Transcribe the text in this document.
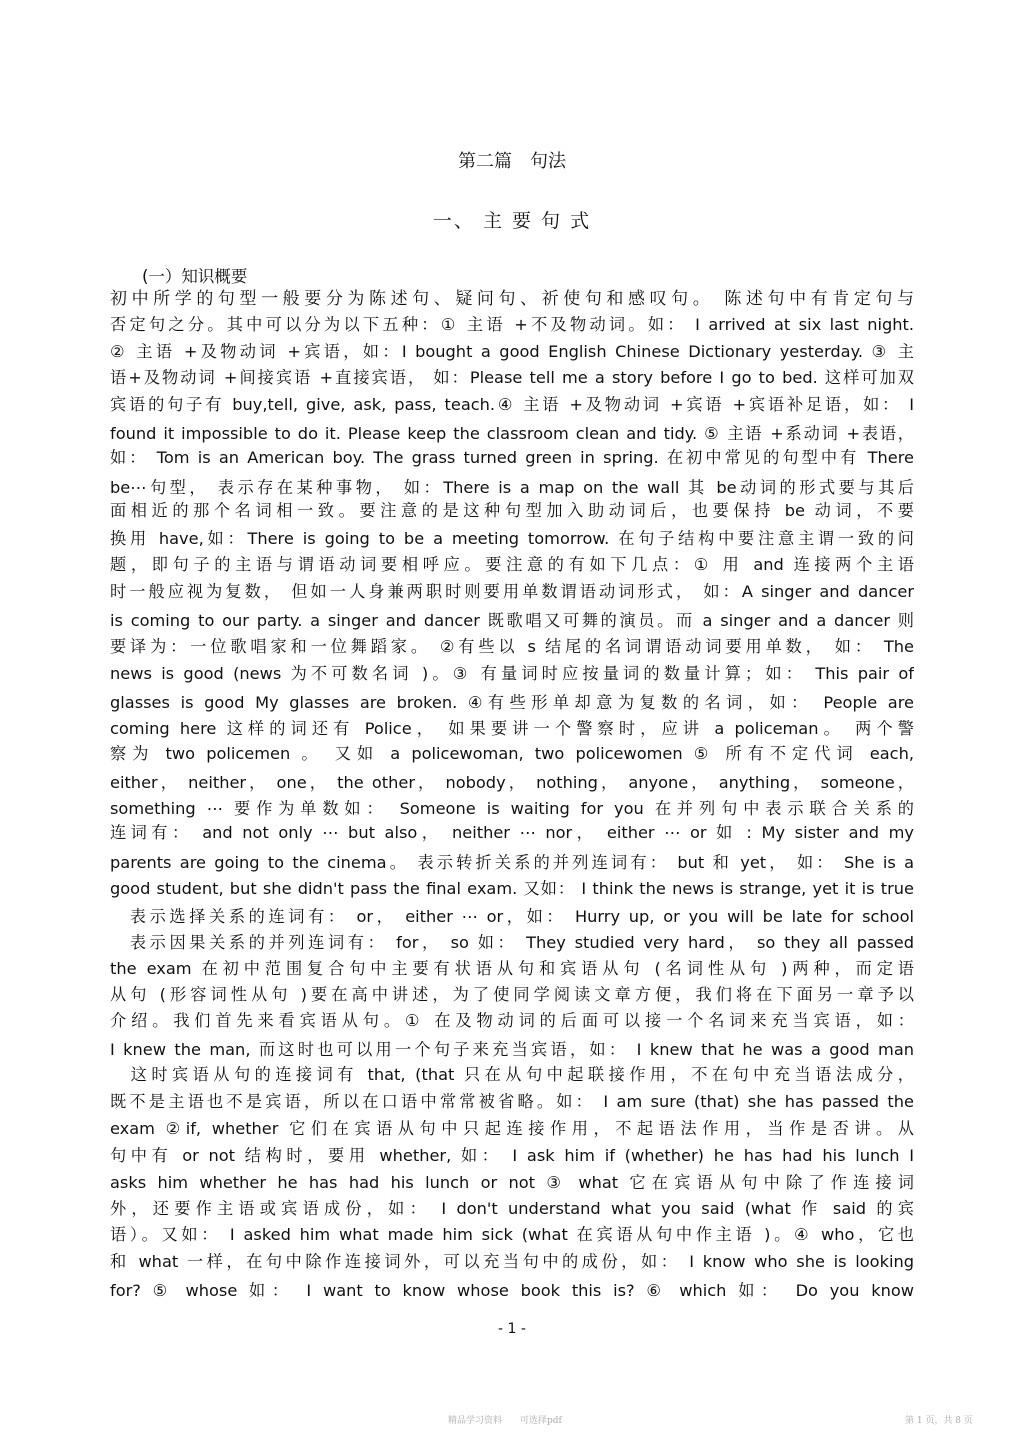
第二篇　句法
一、 主 要 句 式
(一）知识概要
初中所学的句型一般要分为陈述句、疑问句、祈使句和感叹句。 陈述句中有肯定句与
否定句之分。其中可以分为以下五种：① 主语 +不及物动词。如： I arrived at six last night.
② 主语 +及物动词 +宾语，如：I bought a good English Chinese Dictionary yesterday. ③ 主
语+及物动词 +间接宾语 +直接宾语， 如：Please tell me a story before I go to bed. 这样可加双
宾语的句子有 buy,tell, give, ask, pass, teach.④ 主语 +及物动词 +宾语 +宾语补足语，如： I
found it impossible to do it. Please keep the classroom clean and tidy. ⑤ 主语 +系动词 +表语，
如： Tom is an American boy. The grass turned green in spring. 在初中常见的句型中有 There
be⋯句型， 表示存在某种事物， 如：There is a map on the wall 其 be动词的形式要与其后
面相近的那个名词相一致。要注意的是这种句型加入助动词后，也要保持 be 动词，不要
换用 have,如：There is going to be a meeting tomorrow. 在句子结构中要注意主谓一致的问
题，即句子的主语与谓语动词要相呼应。要注意的有如下几点：① 用 and 连接两个主语
时一般应视为复数， 但如一人身兼两职时则要用单数谓语动词形式， 如：A singer and dancer
is coming to our party. a singer and dancer 既歌唱又可舞的演员。而 a singer and a dancer 则
要译为：一位歌唱家和一位舞蹈家。 ②有些以 s 结尾的名词谓语动词要用单数， 如： The
news is good (news 为不可数名词 )。③ 有量词时应按量词的数量计算；如： This pair of
glasses is good My glasses are broken. ④有些形单却意为复数的名词，如： People are
coming here 这样的词还有 Police， 如果要讲一个警察时，应讲 a policeman。 两个警
察为 two policemen 。 又如 a policewoman, two policewomen ⑤ 所有不定代词 each,
either， neither， one， the other， nobody， nothing， anyone， anything， someone，
something ⋯ 要作为单数如： Someone is waiting for you 在并列句中表示联合关系的
连词有： and not only ⋯ but also， neither ⋯ nor， either ⋯ or 如 : My sister and my
parents are going to the cinema。 表示转折关系的并列连词有： but 和 yet， 如： She is a
good student, but she didn't pass the final exam. 又如： I think the news is strange, yet it is true
　表示选择关系的连词有： or， either ⋯ or，如： Hurry up, or you will be late for school
　表示因果关系的并列连词有： for， so 如： They studied very hard， so they all passed
the exam 在初中范围复合句中主要有状语从句和宾语从句 (名词性从句 )两种，而定语
从句 (形容词性从句 )要在高中讲述，为了使同学阅读文章方便，我们将在下面另一章予以
介绍。我们首先来看宾语从句。① 在及物动词的后面可以接一个名词来充当宾语，如：
I knew the man, 而这时也可以用一个句子来充当宾语，如： I knew that he was a good man
　这时宾语从句的连接词有 that, (that 只在从句中起联接作用，不在句中充当语法成分，
既不是主语也不是宾语，所以在口语中常常被省略。如： I am sure (that) she has passed the
exam ②if, whether 它们在宾语从句中只起连接作用，不起语法作用，当作是否讲。从
句中有 or not 结构时，要用 whether, 如： I ask him if (whether) he has had his lunch I
asks him whether he has had his lunch or not ③ what 它在宾语从句中除了作连接词
外，还要作主语或宾语成份，如： I don't understand what you said (what 作 said 的宾
语）。又如： I asked him what made him sick (what 在宾语从句中作主语 )。④ who，它也
和 what 一样，在句中除作连接词外，可以充当句中的成份，如： I know who she is looking
for? ⑤ whose 如： I want to know whose book this is? ⑥ which 如： Do you know
- 1 -
精品学习资料　　可选择pdf	第 1 页，共 8 页
